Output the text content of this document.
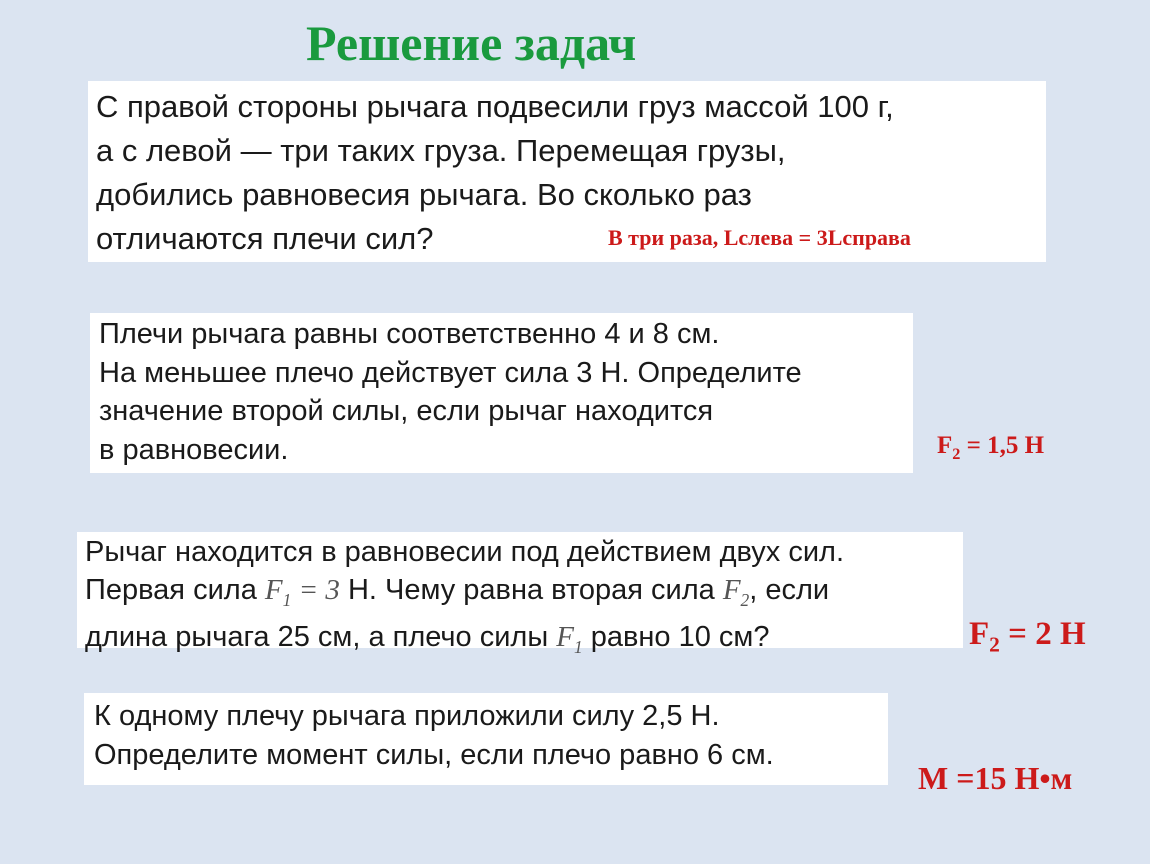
Решение задач
С правой стороны рычага подвесили груз массой 100 г,
а с левой — три таких груза. Перемещая грузы,
добились равновесия рычага. Во сколько раз
отличаются плечи сил?	В три раза, Lслева = 3Lсправа
Плечи рычага равны соответственно 4 и 8 см.
На меньшее плечо действует сила 3 Н. Определите
значение второй силы, если рычаг находится
в равновесии.	$F_2 = 1,5$ Н
Рычаг находится в равновесии под действием двух сил.
Первая сила $F_1 = 3$ Н. Чему равна вторая сила $F_2$, если
длина рычага 25 см, а плечо силы $F_1$ равно 10 см?	$F_2 = 2$ Н
К одному плечу рычага приложили силу 2,5 Н.
Определите момент силы, если плечо равно 6 см.
М =15 Н•м
